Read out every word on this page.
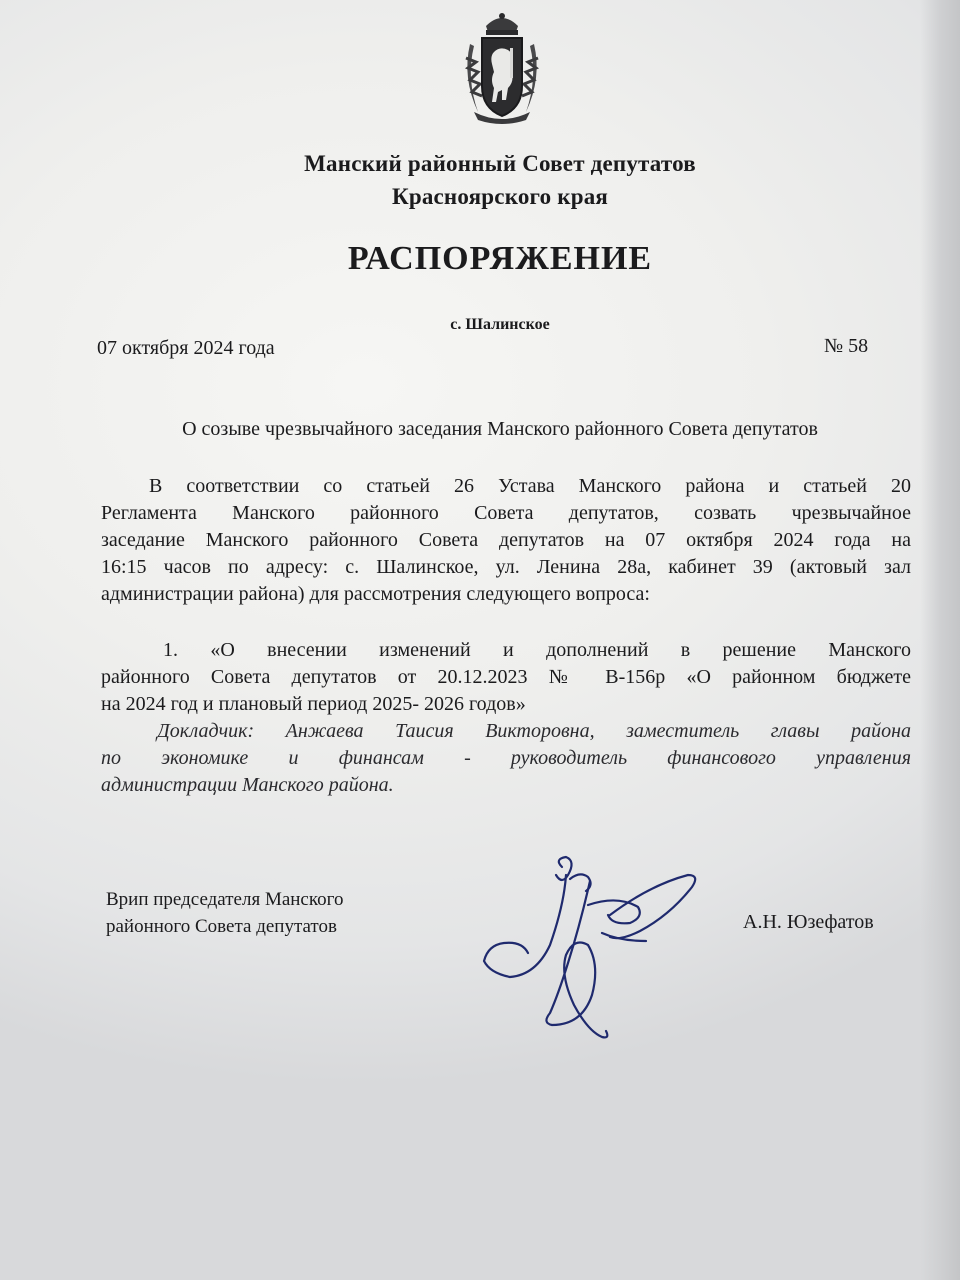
Манский районный Совет депутатов
Красноярского края
РАСПОРЯЖЕНИЕ
с. Шалинское
07 октября 2024 года	№ 58
О созыве чрезвычайного заседания Манского районного Совета депутатов
В соответствии со статьей 26 Устава Манского района и статьей 20
Регламента Манского районного Совета депутатов, созвать чрезвычайное
заседание Манского районного Совета депутатов на 07 октября 2024 года на
16:15 часов по адресу: с. Шалинское, ул. Ленина 28а, кабинет 39 (актовый зал
администрации района) для рассмотрения следующего вопроса:
1. «О внесении изменений и дополнений в решение Манского
районного Совета депутатов от 20.12.2023 № В-156р «О районном бюджете
на 2024 год и плановый период 2025- 2026 годов»
Докладчик: Анжаева Таисия Викторовна, заместитель главы района
по экономике и финансам - руководитель финансового управления
администрации Манского района.
Врип председателя Манского
районного Совета депутатов	А.Н. Юзефатов
